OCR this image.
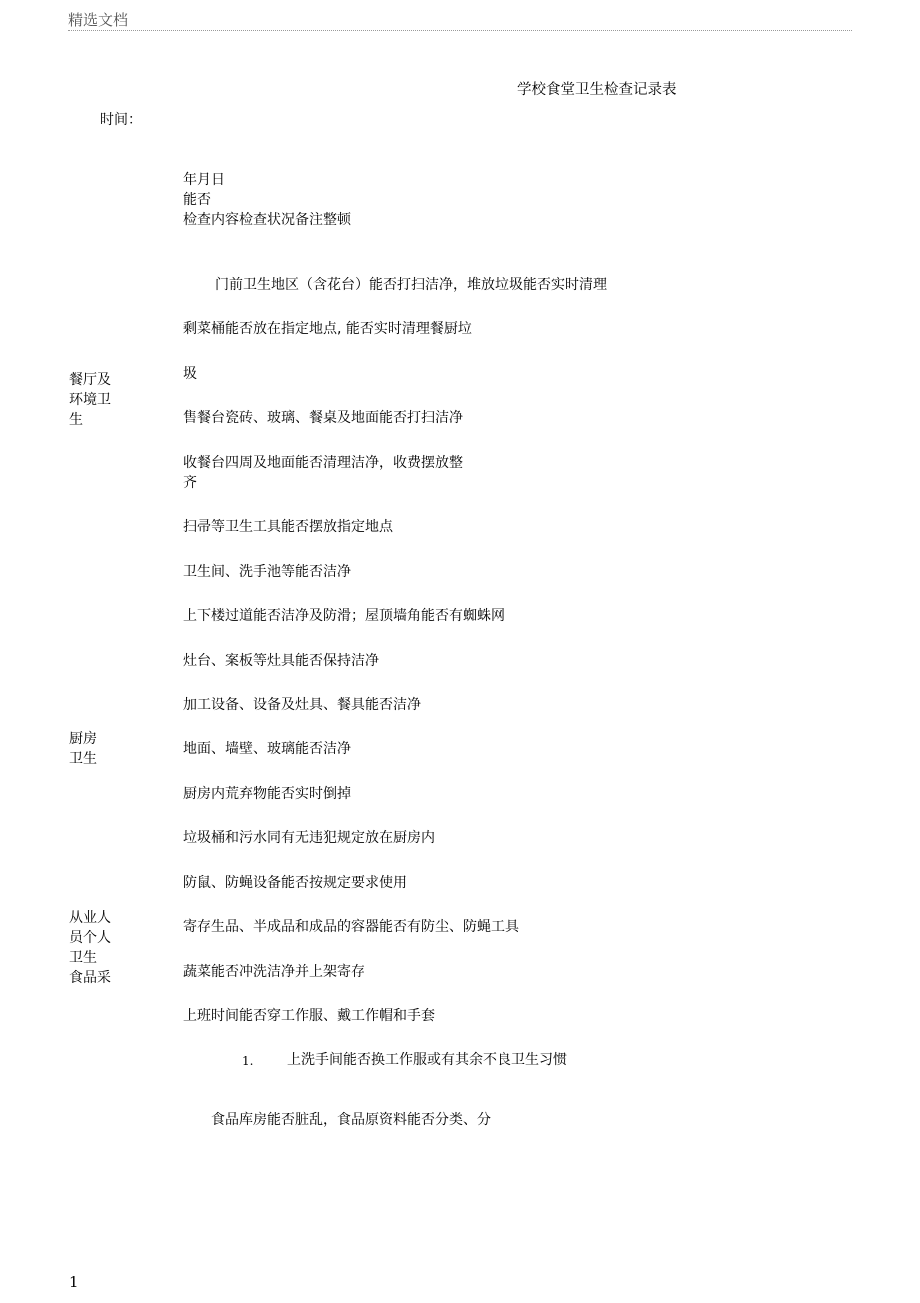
精选文档
学校食堂卫生检查记录表
时间：
年月日
能否
检查内容检查状况备注整顿
餐厅及
环境卫
生
厨房
卫生
从业人
员个人
卫生
食品采
门前卫生地区（含花台）能否打扫洁净，堆放垃圾能否实时清理
剩菜桶能否放在指定地点, 能否实时清理餐厨垃
圾
售餐台瓷砖、玻璃、餐桌及地面能否打扫洁净
收餐台四周及地面能否清理洁净，收费摆放整
齐
扫帚等卫生工具能否摆放指定地点
卫生间、洗手池等能否洁净
上下楼过道能否洁净及防滑；屋顶墙角能否有蜘蛛网
灶台、案板等灶具能否保持洁净
加工设备、设备及灶具、餐具能否洁净
地面、墙壁、玻璃能否洁净
厨房内荒弃物能否实时倒掉
垃圾桶和污水同有无违犯规定放在厨房内
防鼠、防蝇设备能否按规定要求使用
寄存生品、半成品和成品的容器能否有防尘、防蝇工具
蔬菜能否冲洗洁净并上架寄存
上班时间能否穿工作服、戴工作帽和手套
1. 上洗手间能否换工作服或有其余不良卫生习惯
食品库房能否脏乱，食品原资料能否分类、分
1
